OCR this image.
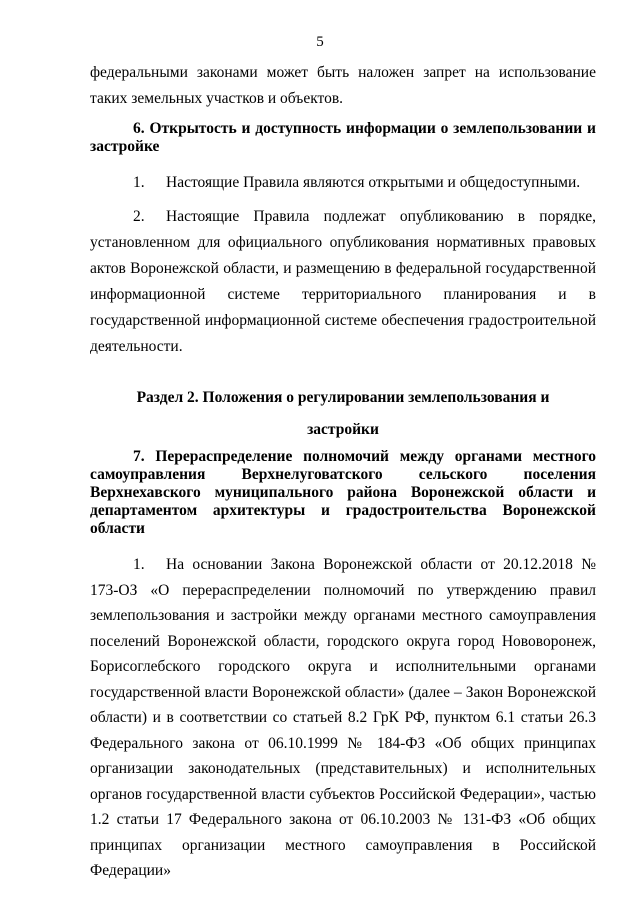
5

федеральными законами может быть наложен запрет на использование таких земельных участков и объектов.

6. Открытость и доступность информации о землепользовании и застройке

1. Настоящие Правила являются открытыми и общедоступными.

2. Настоящие Правила подлежат опубликованию в порядке, установленном для официального опубликования нормативных правовых актов Воронежской области, и размещению в федеральной государственной информационной системе территориального планирования и в государственной информационной системе обеспечения градостроительной деятельности.

Раздел 2. Положения о регулировании землепользования и

застройки

7. Перераспределение полномочий между органами местного самоуправления Верхнелуговатского сельского поселения Верхнехавского муниципального района Воронежской области и департаментом архитектуры и градостроительства Воронежской области

1. На основании Закона Воронежской области от 20.12.2018 № 173-ОЗ «О перераспределении полномочий по утверждению правил землепользования и застройки между органами местного самоуправления поселений Воронежской области, городского округа город Нововоронеж, Борисоглебского городского округа и исполнительными органами государственной власти Воронежской области» (далее – Закон Воронежской области) и в соответствии со статьей 8.2 ГрК РФ, пунктом 6.1 статьи 26.3 Федерального закона от 06.10.1999 № 184-ФЗ «Об общих принципах организации законодательных (представительных) и исполнительных органов государственной власти субъектов Российской Федерации», частью 1.2 статьи 17 Федерального закона от 06.10.2003 № 131-ФЗ «Об общих принципах организации местного самоуправления в Российской Федерации»
